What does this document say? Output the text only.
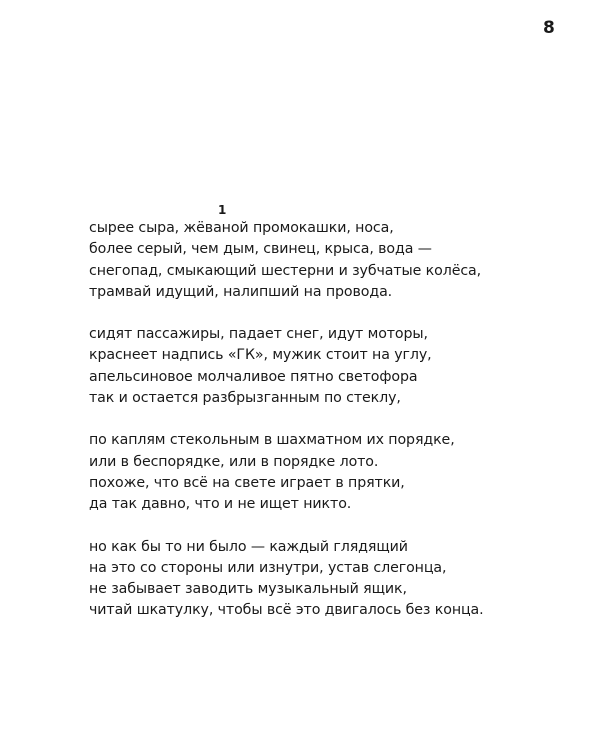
8
1
сырее сыра, жёваной промокашки, носа,
более серый, чем дым, свинец, крыса, вода —
снегопад, смыкающий шестерни и зубчатые колёса,
трамвай идущий, налипший на провода.
сидят пассажиры, падает снег, идут моторы,
краснеет надпись «ГК», мужик стоит на углу,
апельсиновое молчаливое пятно светофора
так и остается разбрызганным по стеклу,
по каплям стекольным в шахматном их порядке,
или в беспорядке, или в порядке лото.
похоже, что всё на свете играет в прятки,
да так давно, что и не ищет никто.
но как бы то ни было — каждый глядящий
на это со стороны или изнутри, устав слегонца,
не забывает заводить музыкальный ящик,
читай шкатулку, чтобы всё это двигалось без конца.
